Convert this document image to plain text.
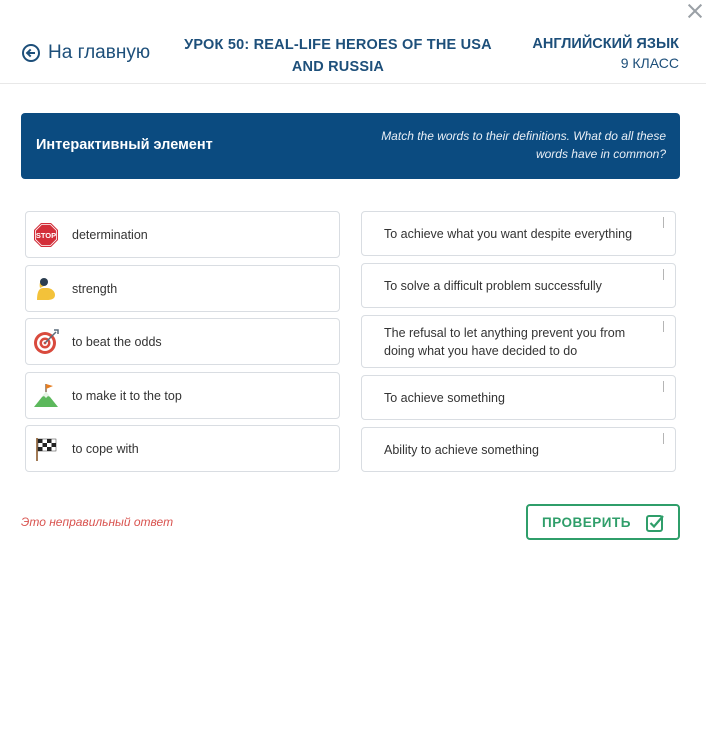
На главную	УРОК 50: REAL-LIFE HEROES OF THE USA AND RUSSIA
АНГЛИЙСКИЙ ЯЗЫК
9 КЛАСС
Интерактивный элемент
Match the words to their definitions. What do all these words have in common?
STOP determination
strength
to beat the odds
to make it to the top
to cope with
To achieve what you want despite everything
To solve a difficult problem successfully
The refusal to let anything prevent you from doing what you have decided to do
To achieve something
Ability to achieve something
Это неправильный ответ	ПРОВЕРИТЬ
